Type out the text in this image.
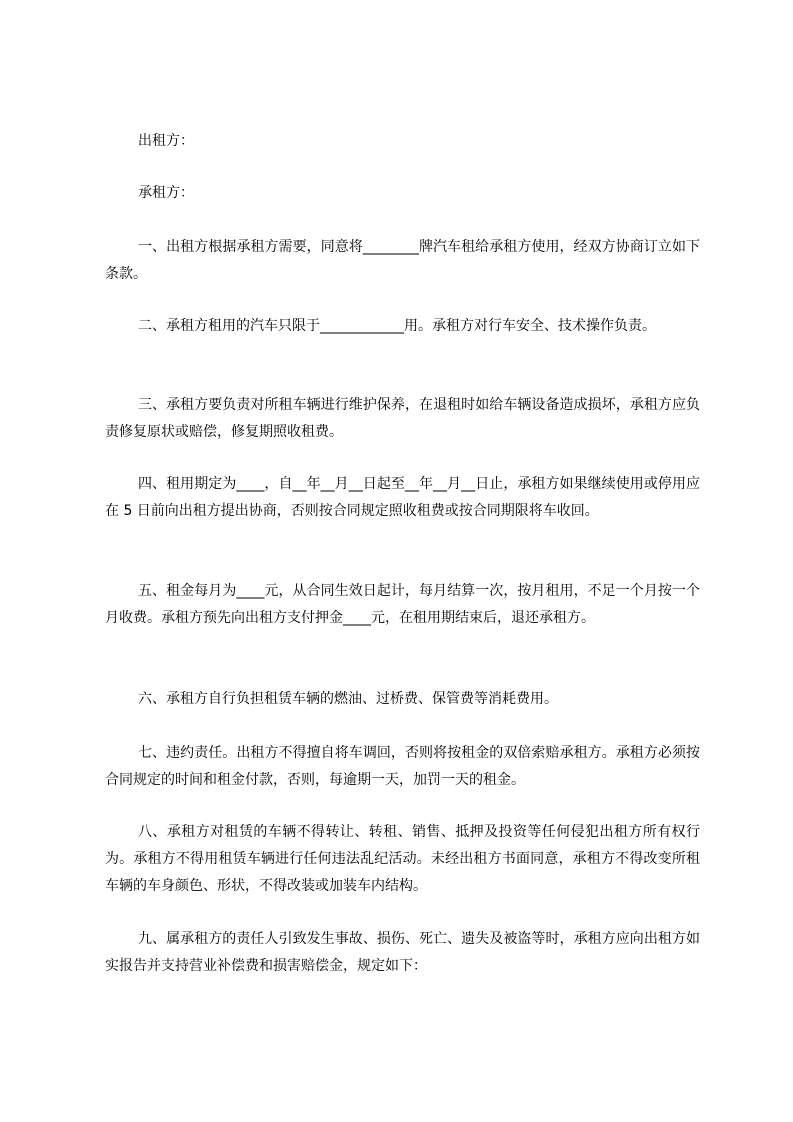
出租方：

承租方：

一、出租方根据承租方需要，同意将________牌汽车租给承租方使用，经双方协商订立如下条款。

二、承租方租用的汽车只限于____________用。承租方对行车安全、技术操作负责。

三、承租方要负责对所租车辆进行维护保养，在退租时如给车辆设备造成损坏，承租方应负责修复原状或赔偿，修复期照收租费。

四、租用期定为____，自__年__月__日起至__年__月__日止，承租方如果继续使用或停用应在 5 日前向出租方提出协商，否则按合同规定照收租费或按合同期限将车收回。

五、租金每月为____元，从合同生效日起计，每月结算一次，按月租用，不足一个月按一个月收费。承租方预先向出租方支付押金____元，在租用期结束后，退还承租方。

六、承租方自行负担租赁车辆的燃油、过桥费、保管费等消耗费用。

七、违约责任。出租方不得擅自将车调回，否则将按租金的双倍索赔承租方。承租方必须按合同规定的时间和租金付款，否则，每逾期一天，加罚一天的租金。

八、承租方对租赁的车辆不得转让、转租、销售、抵押及投资等任何侵犯出租方所有权行为。承租方不得用租赁车辆进行任何违法乱纪活动。未经出租方书面同意，承租方不得改变所租车辆的车身颜色、形状，不得改装或加装车内结构。

九、属承租方的责任人引致发生事故、损伤、死亡、遗失及被盗等时，承租方应向出租方如实报告并支持营业补偿费和损害赔偿金，规定如下：
